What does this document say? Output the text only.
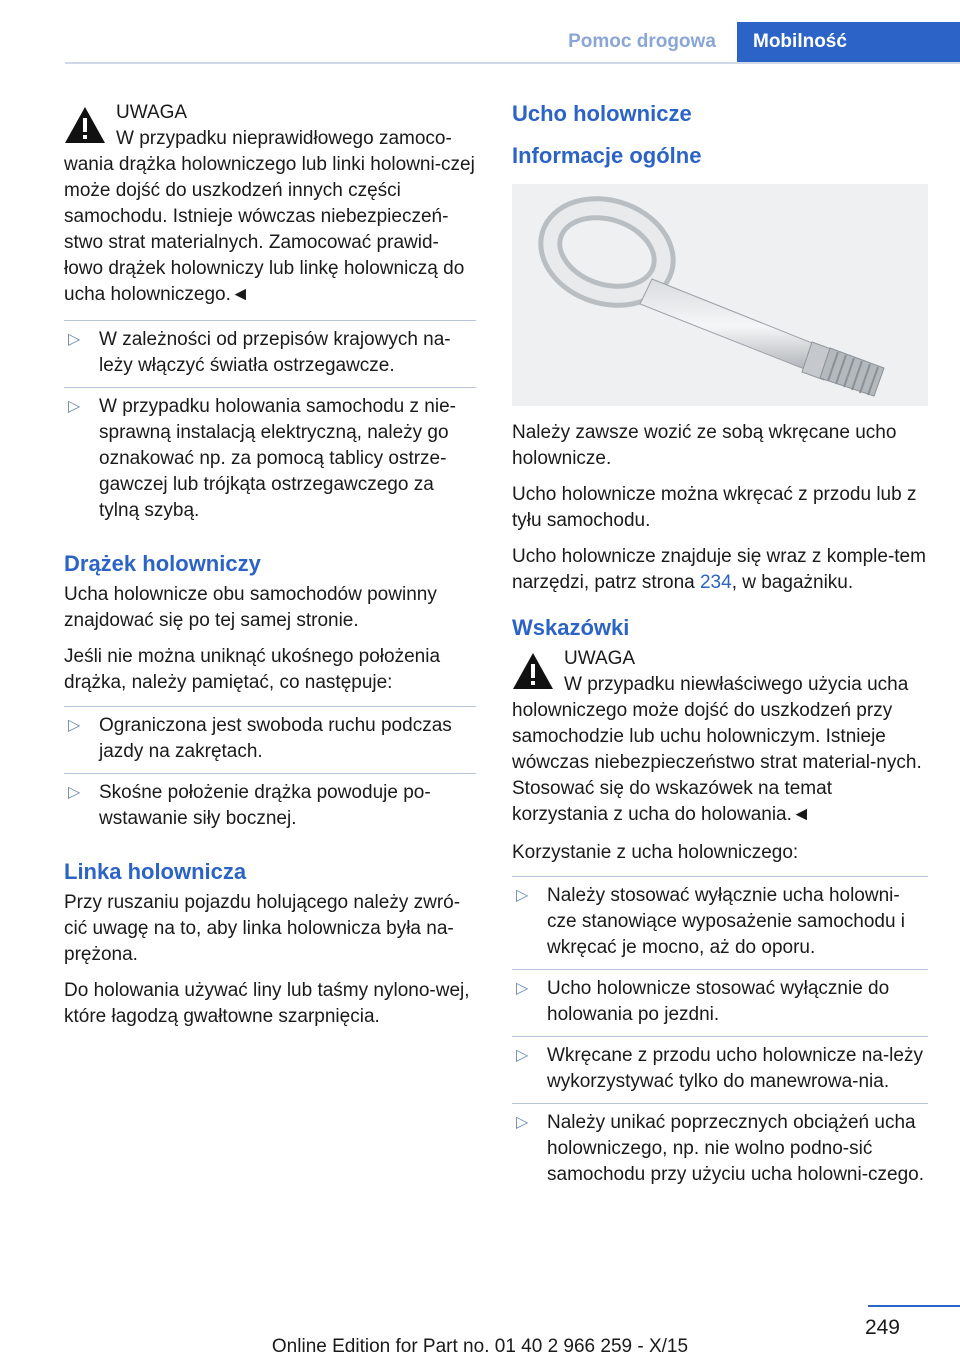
Pomoc drogowa	Mobilność
UWAGA
W przypadku nieprawidłowego zamoco-
wania drążka holowniczego lub linki holowni-czej może dojść do uszkodzeń innych części samochodu. Istnieje wówczas niebezpieczeń-stwo strat materialnych. Zamocować prawid-łowo drążek holowniczy lub linkę holowniczą do ucha holowniczego.◄
▷ W zależności od przepisów krajowych na-leży włączyć światła ostrzegawcze.
▷ W przypadku holowania samochodu z nie-sprawną instalacją elektryczną, należy go oznakować np. za pomocą tablicy ostrze-gawczej lub trójkąta ostrzegawczego za tylną szybą.
Drążek holowniczy

Ucha holownicze obu samochodów powinny znajdować się po tej samej stronie.

Jeśli nie można uniknąć ukośnego położenia drążka, należy pamiętać, co następuje:

▷ Ograniczona jest swoboda ruchu podczas jazdy na zakrętach.
▷ Skośne położenie drążka powoduje po-wstawanie siły bocznej.
Linka holownicza

Przy ruszaniu pojazdu holującego należy zwró-cić uwagę na to, aby linka holownicza była na-prężona.

Do holowania używać liny lub taśmy nylono-wej, które łagodzą gwałtowne szarpnięcia.

Ucho holownicze
Informacje ogólne

Należy zawsze wozić ze sobą wkręcane ucho holownicze.

Ucho holownicze można wkręcać z przodu lub z tyłu samochodu.

Ucho holownicze znajduje się wraz z komple-tem narzędzi, patrz strona 234, w bagażniku.

Wskazówki
UWAGA
W przypadku niewłaściwego użycia ucha
holowniczego może dojść do uszkodzeń przy samochodzie lub uchu holowniczym. Istnieje wówczas niebezpieczeństwo strat material-nych. Stosować się do wskazówek na temat korzystania z ucha do holowania.◄

Korzystanie z ucha holowniczego:

▷ Należy stosować wyłącznie ucha holowni-cze stanowiące wyposażenie samochodu i wkręcać je mocno, aż do oporu.
▷ Ucho holownicze stosować wyłącznie do holowania po jezdni.
▷ Wkręcane z przodu ucho holownicze na-leży wykorzystywać tylko do manewrowa-nia.
▷ Należy unikać poprzecznych obciążeń ucha holowniczego, np. nie wolno podno-sić samochodu przy użyciu ucha holowni-czego.
249
Online Edition for Part no. 01 40 2 966 259 - X/15
